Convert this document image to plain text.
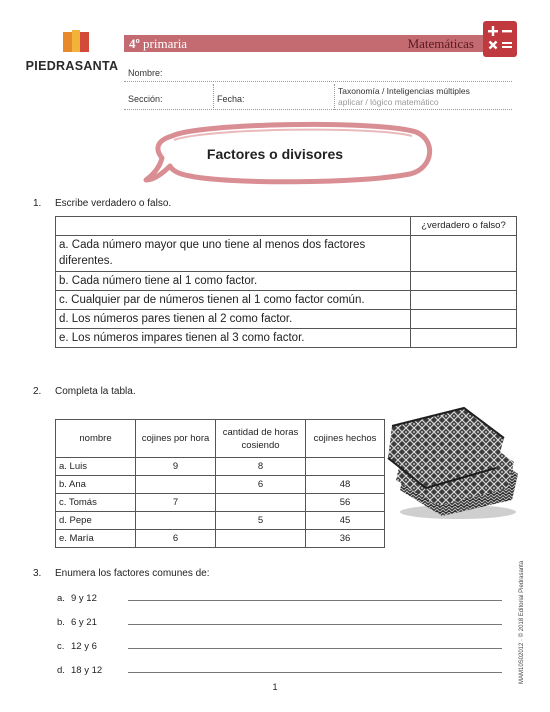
PIEDRASANTA
4º primaria	Matemáticas
Nombre:
Sección:	Fecha:
Taxonomía / Inteligencias múltiples
aplicar / lógico matemático
Factores o divisores
1. Escribe verdadero o falso.
	¿verdadero o falso?
a. Cada número mayor que uno tiene al menos dos factores diferentes.	
b. Cada número tiene al 1 como factor.	
c. Cualquier par de números tienen al 1 como factor común.	
d. Los números pares tienen al 2 como factor.	
e. Los números impares tienen al 3 como factor.	
2. Completa la tabla.
nombre	cojines por hora	cantidad de horas cosiendo	cojines hechos
a. Luis	9	8	
b. Ana		6	48
c. Tomás	7		56
d. Pepe		5	45
e. María	6		36
3. Enumera los factores comunes de:
a. 9 y 12
b. 6 y 21
c. 12 y 6
d. 18 y 12	MAM10S02012 · © 2018 Editorial Piedrasanta
1
